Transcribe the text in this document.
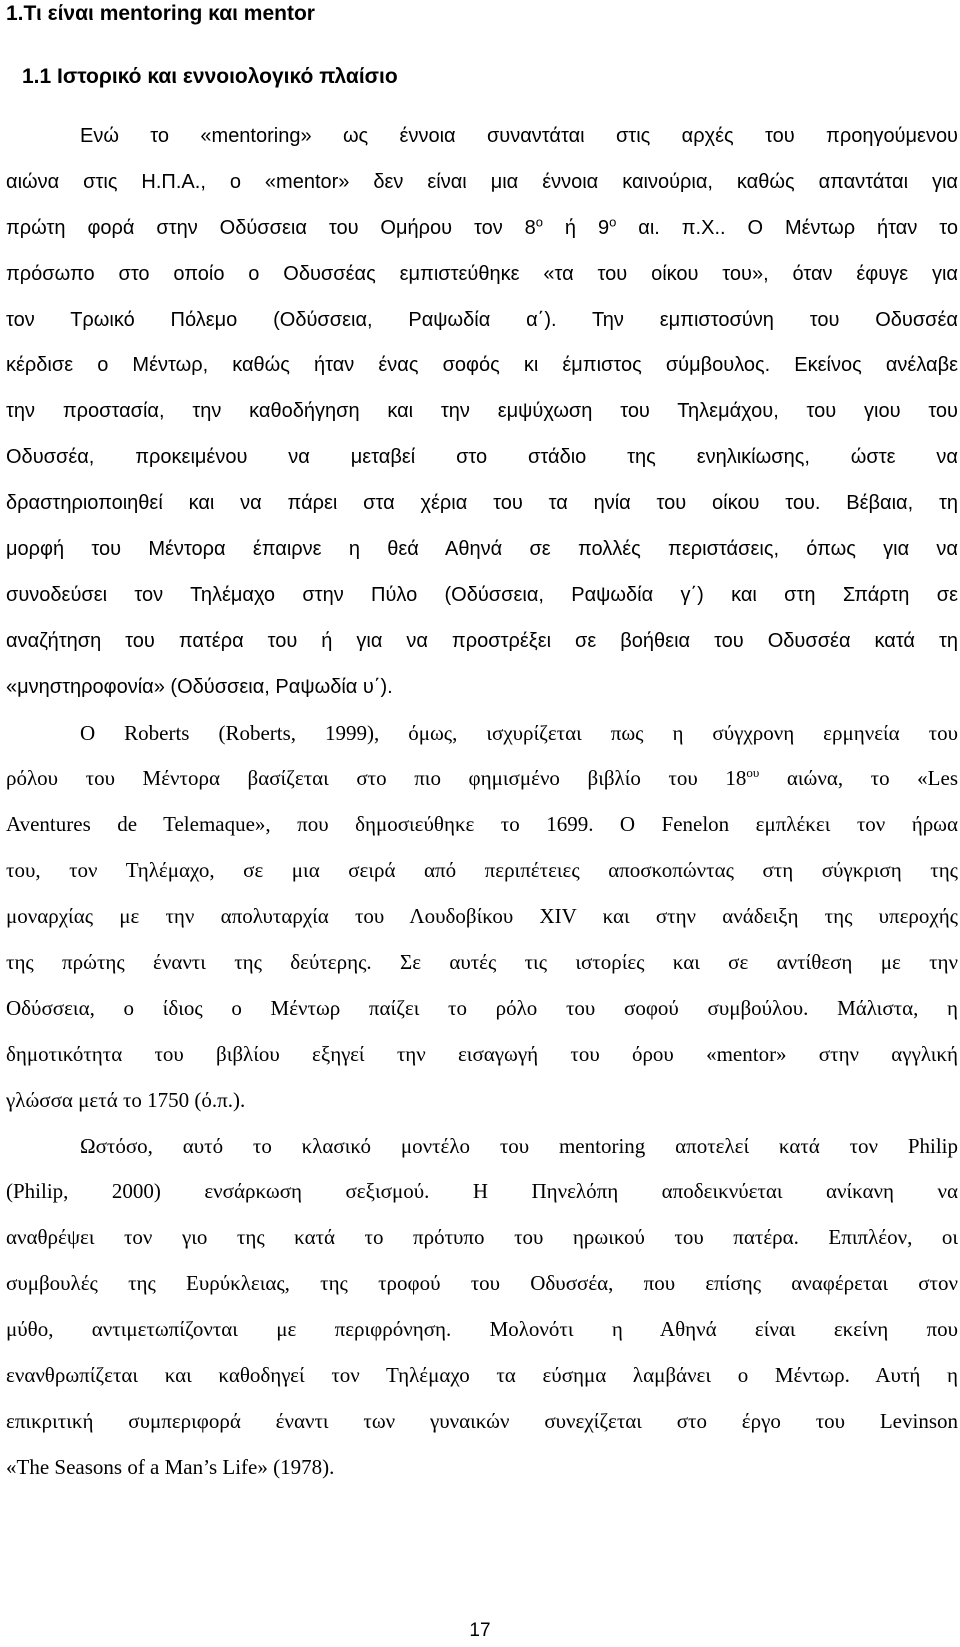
1.Τι είναι mentoring και mentor
1.1 Ιστορικό και εννοιολογικό πλαίσιο
Ενώ το «mentoring» ως έννοια συναντάται στις αρχές του προηγούμενου
αιώνα στις Η.Π.Α., ο «mentor» δεν είναι μια έννοια καινούρια, καθώς απαντάται για
πρώτη φορά στην Οδύσσεια του Ομήρου τον $8^o$ ή $9^o$ αι. π.Χ.. Ο Μέντωρ ήταν το
πρόσωπο στο οποίο ο Οδυσσέας εμπιστεύθηκε «τα του οίκου του», όταν έφυγε για
τον Τρωικό Πόλεμο (Οδύσσεια, Ραψωδία α΄). Την εμπιστοσύνη του Οδυσσέα
κέρδισε ο Μέντωρ, καθώς ήταν ένας σοφός κι έμπιστος σύμβουλος. Εκείνος ανέλαβε
την προστασία, την καθοδήγηση και την εμψύχωση του Τηλεμάχου, του γιου του
Οδυσσέα, προκειμένου να μεταβεί στο στάδιο της ενηλικίωσης, ώστε να
δραστηριοποιηθεί και να πάρει στα χέρια του τα ηνία του οίκου του. Βέβαια, τη
μορφή του Μέντορα έπαιρνε η θεά Αθηνά σε πολλές περιστάσεις, όπως για να
συνοδεύσει τον Τηλέμαχο στην Πύλο (Οδύσσεια, Ραψωδία γ΄) και στη Σπάρτη σε
αναζήτηση του πατέρα του ή για να προστρέξει σε βοήθεια του Οδυσσέα κατά τη
«μνηστηροφονία» (Οδύσσεια, Ραψωδία υ΄).
Ο Roberts (Roberts, 1999), όμως, ισχυρίζεται πως η σύγχρονη ερμηνεία του
ρόλου του Μέντορα βασίζεται στο πιο φημισμένο βιβλίο του $18^{o\upsilon}$ αιώνα, το «Les
Aventures de Telemaque», που δημοσιεύθηκε το 1699. Ο Fenelon εμπλέκει τον ήρωα
του, τον Τηλέμαχο, σε μια σειρά από περιπέτειες αποσκοπώντας στη σύγκριση της
μοναρχίας με την απολυταρχία του Λουδοβίκου XIV και στην ανάδειξη της υπεροχής
της πρώτης έναντι της δεύτερης. Σε αυτές τις ιστορίες και σε αντίθεση με την
Οδύσσεια, ο ίδιος ο Μέντωρ παίζει το ρόλο του σοφού συμβούλου. Μάλιστα, η
δημοτικότητα του βιβλίου εξηγεί την εισαγωγή του όρου «mentor» στην αγγλική
γλώσσα μετά το 1750 (ό.π.).
Ωστόσο, αυτό το κλασικό μοντέλο του mentoring αποτελεί κατά τον Philip
(Philip, 2000) ενσάρκωση σεξισμού. Η Πηνελόπη αποδεικνύεται ανίκανη να
αναθρέψει τον γιο της κατά το πρότυπο του ηρωικού του πατέρα. Επιπλέον, οι
συμβουλές της Ευρύκλειας, της τροφού του Οδυσσέα, που επίσης αναφέρεται στον
μύθο, αντιμετωπίζονται με περιφρόνηση. Μολονότι η Αθηνά είναι εκείνη που
ενανθρωπίζεται και καθοδηγεί τον Τηλέμαχο τα εύσημα λαμβάνει ο Μέντωρ. Αυτή η
επικριτική συμπεριφορά έναντι των γυναικών συνεχίζεται στο έργο του Levinson
«The Seasons of a Man’s Life» (1978).
17
